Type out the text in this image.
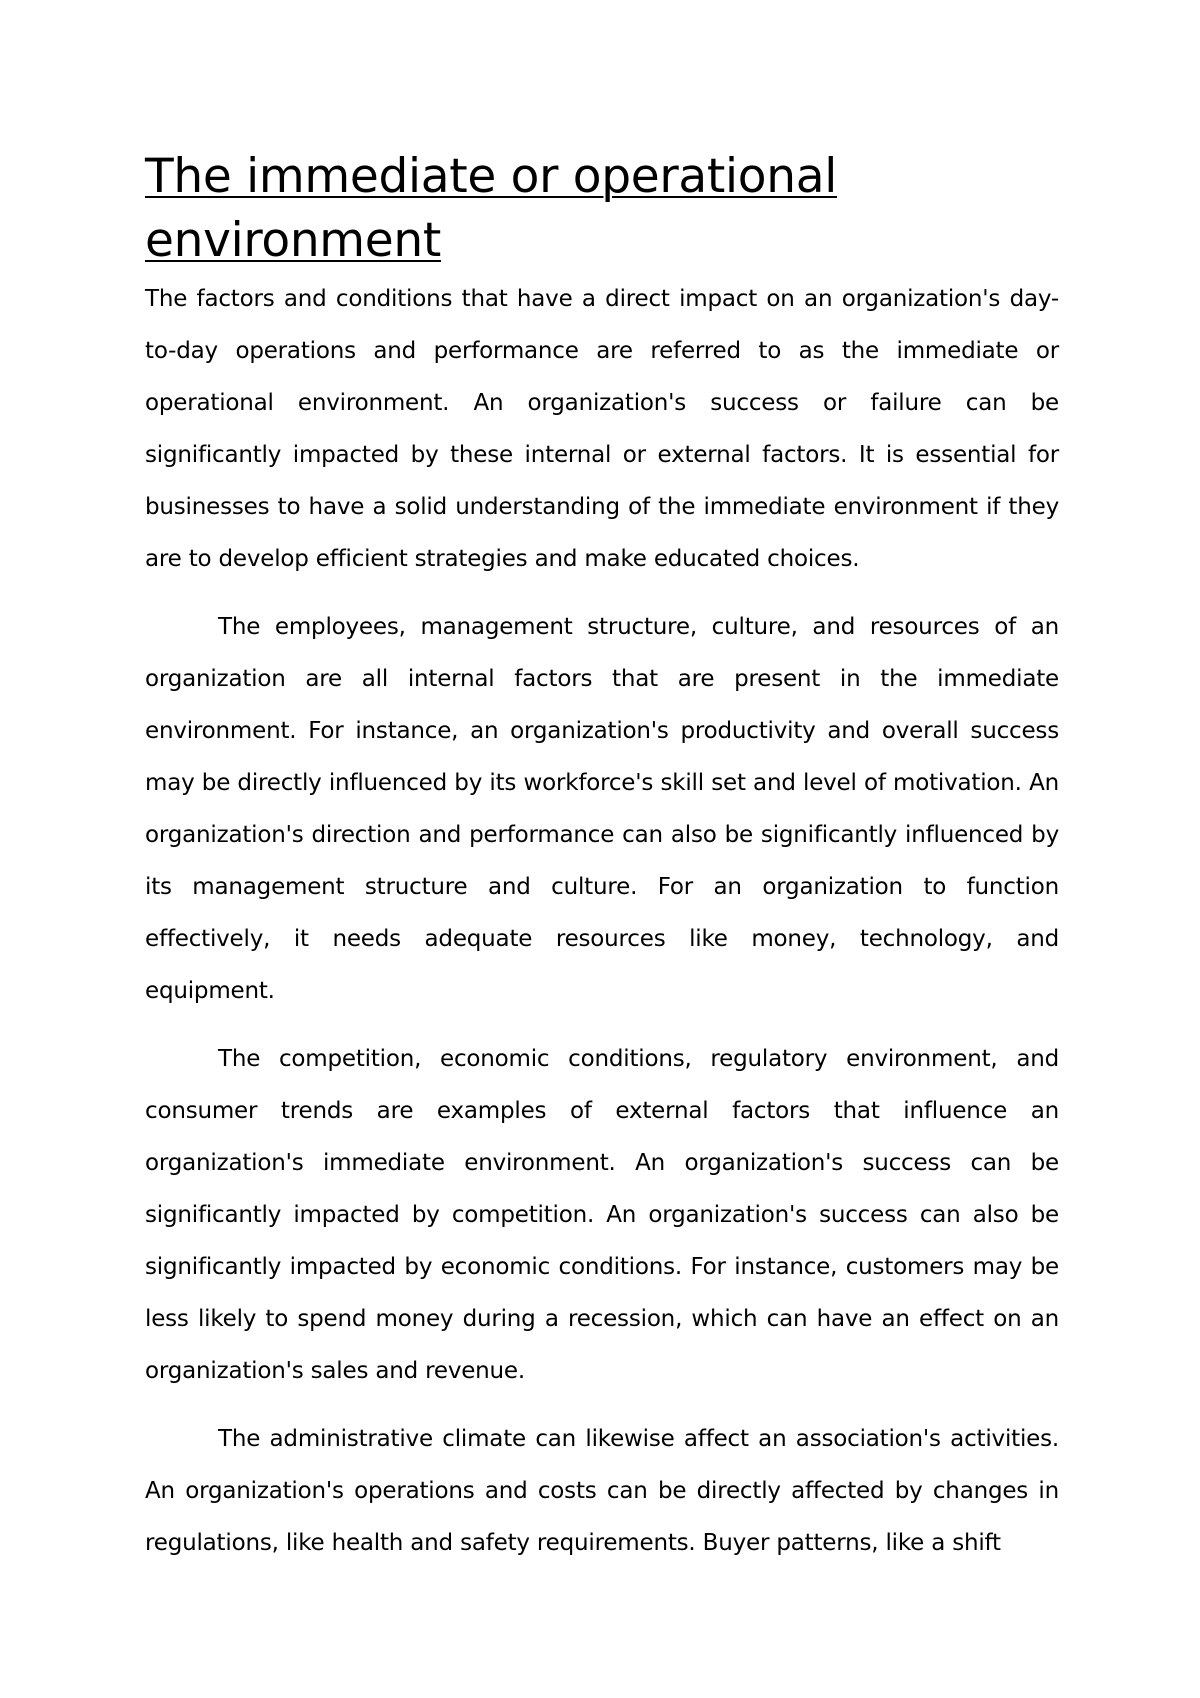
The immediate or operational environment

The factors and conditions that have a direct impact on an organization's day-to-day operations and performance are referred to as the immediate or operational environment. An organization's success or failure can be significantly impacted by these internal or external factors. It is essential for businesses to have a solid understanding of the immediate environment if they are to develop efficient strategies and make educated choices.

The employees, management structure, culture, and resources of an organization are all internal factors that are present in the immediate environment. For instance, an organization's productivity and overall success may be directly influenced by its workforce's skill set and level of motivation. An organization's direction and performance can also be significantly influenced by its management structure and culture. For an organization to function effectively, it needs adequate resources like money, technology, and equipment.

The competition, economic conditions, regulatory environment, and consumer trends are examples of external factors that influence an organization's immediate environment. An organization's success can be significantly impacted by competition. An organization's success can also be significantly impacted by economic conditions. For instance, customers may be less likely to spend money during a recession, which can have an effect on an organization's sales and revenue.

The administrative climate can likewise affect an association's activities. An organization's operations and costs can be directly affected by changes in regulations, like health and safety requirements. Buyer patterns, like a shift
